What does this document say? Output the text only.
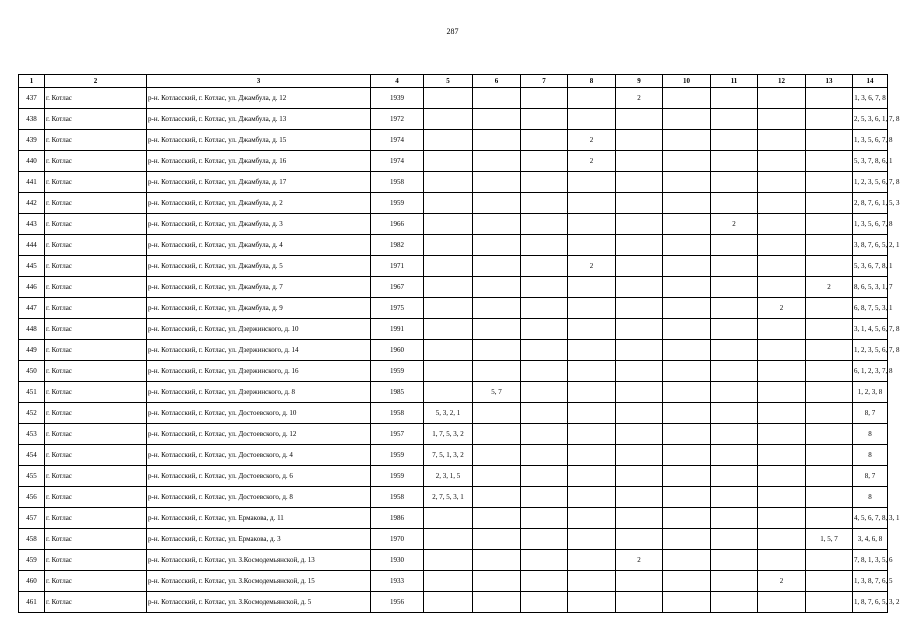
287
1	2	3	4	5	6	7	8	9	10	11	12	13	14
437	г. Котлас	р-н. Котласский, г. Котлас, ул. Джамбула, д. 12	1939					2					1, 3, 6, 7, 8
438	г. Котлас	р-н. Котласский, г. Котлас, ул. Джамбула, д. 13	1972										2, 5, 3, 6, 1, 7, 8
439	г. Котлас	р-н. Котласский, г. Котлас, ул. Джамбула, д. 15	1974				2						1, 3, 5, 6, 7, 8
440	г. Котлас	р-н. Котласский, г. Котлас, ул. Джамбула, д. 16	1974				2						5, 3, 7, 8, 6, 1
441	г. Котлас	р-н. Котласский, г. Котлас, ул. Джамбула, д. 17	1958										1, 2, 3, 5, 6, 7, 8
442	г. Котлас	р-н. Котласский, г. Котлас, ул. Джамбула, д. 2	1959										2, 8, 7, 6, 1, 5, 3
443	г. Котлас	р-н. Котласский, г. Котлас, ул. Джамбула, д. 3	1966							2			1, 3, 5, 6, 7, 8
444	г. Котлас	р-н. Котласский, г. Котлас, ул. Джамбула, д. 4	1982										3, 8, 7, 6, 5, 2, 1
445	г. Котлас	р-н. Котласский, г. Котлас, ул. Джамбула, д. 5	1971				2						5, 3, 6, 7, 8, 1
446	г. Котлас	р-н. Котласский, г. Котлас, ул. Джамбула, д. 7	1967									2	8, 6, 5, 3, 1, 7
447	г. Котлас	р-н. Котласский, г. Котлас, ул. Джамбула, д. 9	1975								2		6, 8, 7, 5, 3, 1
448	г. Котлас	р-н. Котласский, г. Котлас, ул. Дзержинского, д. 10	1991										3, 1, 4, 5, 6, 7, 8
449	г. Котлас	р-н. Котласский, г. Котлас, ул. Дзержинского, д. 14	1960										1, 2, 3, 5, 6, 7, 8
450	г. Котлас	р-н. Котласский, г. Котлас, ул. Дзержинского, д. 16	1959										6, 1, 2, 3, 7, 8
451	г. Котлас	р-н. Котласский, г. Котлас, ул. Дзержинского, д. 8	1985		5, 7								1, 2, 3, 8
452	г. Котлас	р-н. Котласский, г. Котлас, ул. Достоевского, д. 10	1958	5, 3, 2, 1									8, 7
453	г. Котлас	р-н. Котласский, г. Котлас, ул. Достоевского, д. 12	1957	1, 7, 5, 3, 2									8
454	г. Котлас	р-н. Котласский, г. Котлас, ул. Достоевского, д. 4	1959	7, 5, 1, 3, 2									8
455	г. Котлас	р-н. Котласский, г. Котлас, ул. Достоевского, д. 6	1959	2, 3, 1, 5									8, 7
456	г. Котлас	р-н. Котласский, г. Котлас, ул. Достоевского, д. 8	1958	2, 7, 5, 3, 1									8
457	г. Котлас	р-н. Котласский, г. Котлас, ул. Ермакова, д. 11	1986										4, 5, 6, 7, 8, 3, 1
458	г. Котлас	р-н. Котласский, г. Котлас, ул. Ермакова, д. 3	1970									1, 5, 7	3, 4, 6, 8
459	г. Котлас	р-н. Котласский, г. Котлас, ул. З.Космодемьянской, д. 13	1930					2					7, 8, 1, 3, 5, 6
460	г. Котлас	р-н. Котласский, г. Котлас, ул. З.Космодемьянской, д. 15	1933								2		1, 3, 8, 7, 6, 5
461	г. Котлас	р-н. Котласский, г. Котлас, ул. З.Космодемьянской, д. 5	1956										1, 8, 7, 6, 5, 3, 2
